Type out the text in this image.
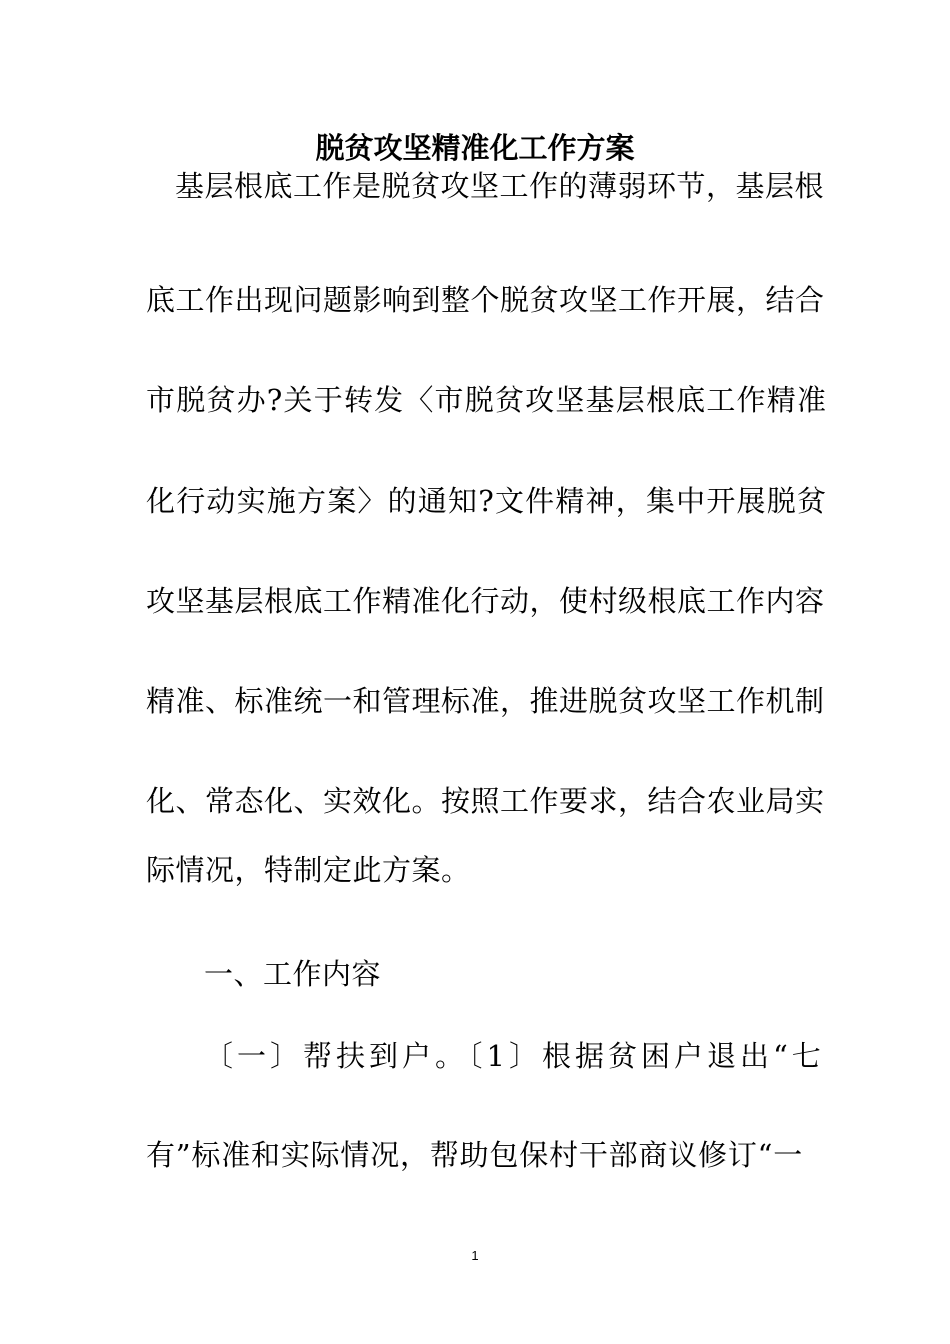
脱贫攻坚精准化工作方案

基层根底工作是脱贫攻坚工作的薄弱环节，基层根

底工作出现问题影响到整个脱贫攻坚工作开展，结合

市脱贫办?关于转发〈市脱贫攻坚基层根底工作精准

化行动实施方案〉的通知?文件精神，集中开展脱贫

攻坚基层根底工作精准化行动，使村级根底工作内容

精准、标准统一和管理标准，推进脱贫攻坚工作机制

化、常态化、实效化。按照工作要求，结合农业局实

际情况，特制定此方案。

一、工作内容

〔一〕帮扶到户。〔1〕根据贫困户退出“七

有”标准和实际情况，帮助包保村干部商议修订“一

1
